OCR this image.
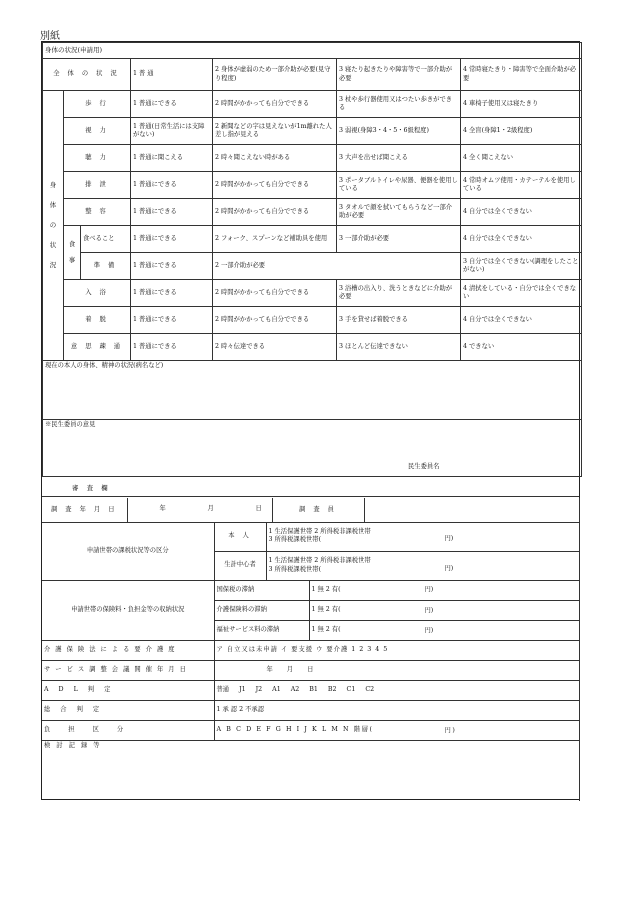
別紙
身体の状況(申請用)						
全 体 の 状 況			1 普 通	2 身体が虚弱のため一部介助が必要(見守り程度)	3 寝たり起きたりや障害等で一部介助が必要	4 常時寝たきり・障害等で全面介助が必要

身
体
の
状
況	歩 行		1 普通にできる	2 時間がかかっても自分でできる	3 杖や歩行器使用又はつたい歩きができる	4 車椅子使用又は寝たきり
	視 力		1 普通(日常生活には支障がない)	2 新聞などの字は見えないが1m離れた人差し指が見える	3 弱視(身障3・4・5・6級程度)	4 全盲(身障1・2級程度)
	聴 力		1 普通に聞こえる	2 時々聞こえない時がある	3 大声を出せば聞こえる	4 全く聞こえない
	排 泄		1 普通にできる	2 時間がかかっても自分でできる	3 ポータブルトイレや尿器、便器を使用している	4 常時オムツ使用・カテーテルを使用している
	整 容		1 普通にできる	2 時間がかかっても自分でできる	3 タオルで顔を拭いてもらうなど一部介助が必要	4 自分では全くできない

	食
事	食べること	1 普通にできる	2 フォーク、スプーンなど補助具を使用	3 一部介助が必要	4 自分では全くできない
		準 備	1 普通にできる	2 一部介助が必要		3 自分では全くできない(調理をしたことがない)
	入 浴		1 普通にできる	2 時間がかかっても自分でできる	3 浴槽の出入り、洗うときなどに介助が必要	4 清拭をしている・自分では全くできない
	着 脱		1 普通にできる	2 時間がかかっても自分でできる	3 手を貸せば着脱できる	4 自分では全くできない
	意 思 疎 通		1 普通にできる	2 時々伝達できる	3 ほとんど伝達できない	4 できない
現在の本人の身体、精神の状況(病名など)						
※民生委員の意見
民生委員名						
審 査 欄
調 査 年 月 日	年	月	日	調 査 員	
申請世帯の課税状況等の区分	本 人	1 生活保護世帯 2 所得税非課税世帯
3 所得税課税世帯( 円)

	生計中心者	1 生活保護世帯 2 所得税非課税世帯
3 所得税課税世帯( 円)
申請世帯の保険料・負担金等の収納状況	国保税の滞納	1 無 2 有( 円)

	介護保険料の滞納	1 無 2 有( 円)

	福祉サービス料の滞納	1 無 2 有( 円)
介 護 保 険 法 に よ る 要 介 護 度	ア 自立又は未申請 イ 要支援 ウ 要介護 1 2 3 4 5
サ ー ビ ス 調 整 会 議 開 催 年 月 日	年 月 日
A D L 判 定	普通 J1 J2 A1 A2 B1 B2 C1 C2
総 合 判 定	1 承 認 2 不承認
負 担 区 分	A B C D E F G H I J K L M N 階層( 円)

検 討 記 録 等	
